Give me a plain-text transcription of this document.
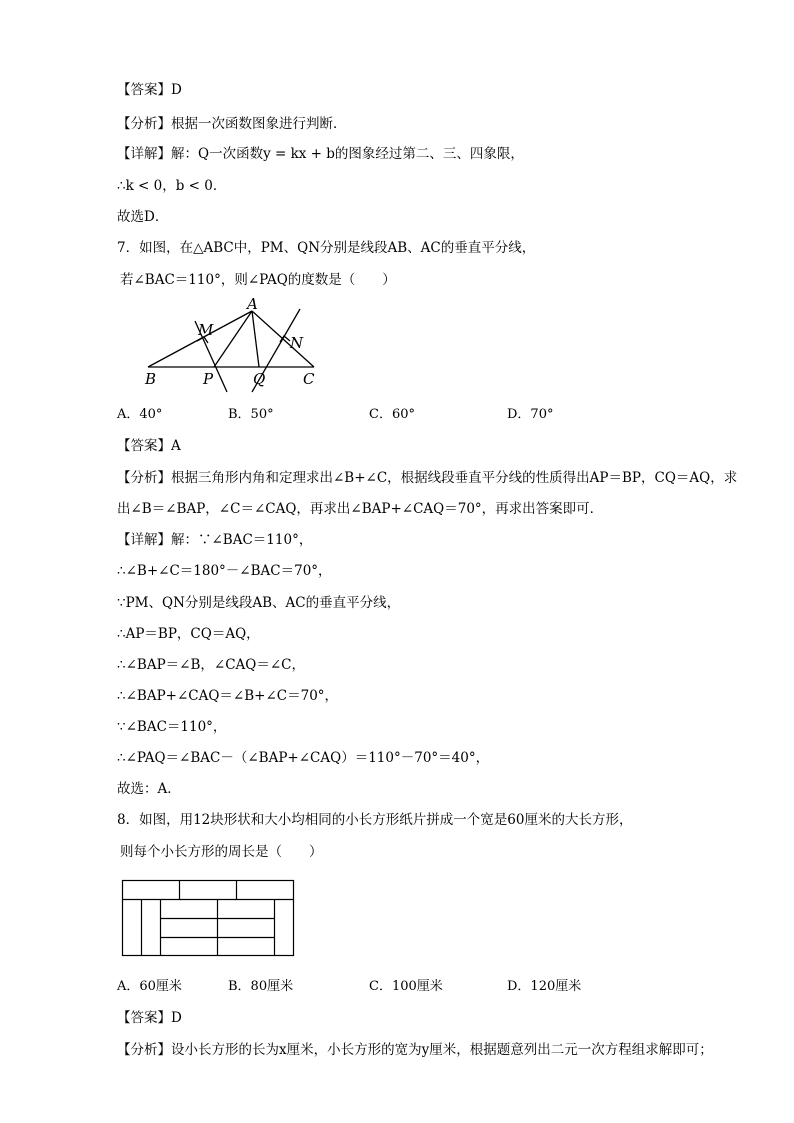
【答案】D
【分析】根据一次函数图象进行判断．
【详解】解：Q一次函数y = kx + b的图象经过第二、三、四象限，
∴k < 0，b < 0．
故选D．
7．如图，在△ABC中，PM、QN分别是线段AB、AC的垂直平分线，
若∠BAC＝110°，则∠PAQ的度数是（　　）
A
M
N
B	P	Q	C
A．40°	B．50°	C．60°	D．70°
【答案】A
【分析】根据三角形内角和定理求出∠B+∠C，根据线段垂直平分线的性质得出AP＝BP，CQ＝AQ，求
出∠B＝∠BAP，∠C＝∠CAQ，再求出∠BAP+∠CAQ＝70°，再求出答案即可．
【详解】解：∵∠BAC＝110°，
∴∠B+∠C＝180°－∠BAC＝70°，
∵PM、QN分别是线段AB、AC的垂直平分线，
∴AP＝BP，CQ＝AQ，
∴∠BAP＝∠B，∠CAQ＝∠C，
∴∠BAP+∠CAQ＝∠B+∠C＝70°，
∵∠BAC＝110°，
∴∠PAQ＝∠BAC－（∠BAP+∠CAQ）＝110°－70°＝40°，
故选：A．
8．如图，用12块形状和大小均相同的小长方形纸片拼成一个宽是60厘米的大长方形，
则每个小长方形的周长是（　　）
A．60厘米	B．80厘米	C．100厘米	D．120厘米
【答案】D
【分析】设小长方形的长为x厘米，小长方形的宽为y厘米，根据题意列出二元一次方程组求解即可；
